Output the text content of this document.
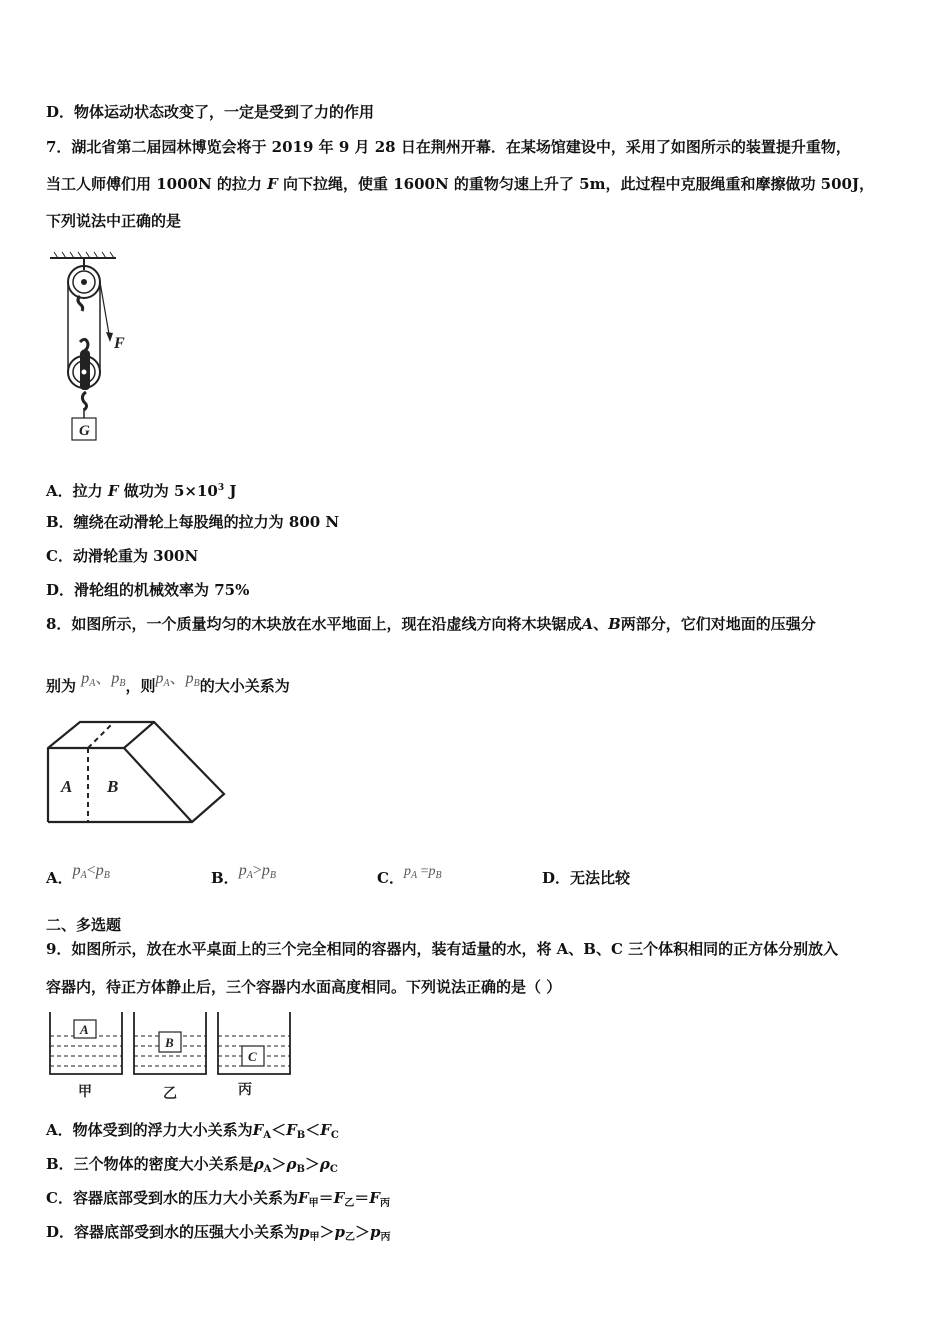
D．物体运动状态改变了，一定是受到了力的作用
7．湖北省第二届园林博览会将于 2019 年 9 月 28 日在荆州开幕．在某场馆建设中，采用了如图所示的装置提升重物，
当工人师傅们用 1000N 的拉力 F 向下拉绳，使重 1600N 的重物匀速上升了 5m，此过程中克服绳重和摩擦做功 500J，
下列说法中正确的是
F
G
A．拉力 F 做功为 $5\times 10^3$ J
B．缠绕在动滑轮上每股绳的拉力为 800 N
C．动滑轮重为 300N
D．滑轮组的机械效率为 75%
8．如图所示，一个质量均匀的木块放在水平地面上，现在沿虚线方向将木块锯成A、B两部分，它们对地面的压强分
别为 $p_A$、$p_B$，则$p_A$、$p_B$的大小关系为
A B
A．$p_A<p_B$	B．$p_A>p_B$	C．$p_A =p_B$	D．无法比较
二、多选题
9．如图所示，放在水平桌面上的三个完全相同的容器内，装有适量的水，将 A、B、C 三个体积相同的正方体分别放入
容器内，待正方体静止后，三个容器内水面高度相同。下列说法正确的是（ ）
A
B
C
甲	乙	丙
A．物体受到的浮力大小关系为$F_A<F_B<F_C$
B．三个物体的密度大小关系是$\rho_A>\rho_B>\rho_C$
C．容器底部受到水的压力大小关系为$F_甲=F_乙=F_丙$
D．容器底部受到水的压强大小关系为$p_甲>p_乙>p_丙$
